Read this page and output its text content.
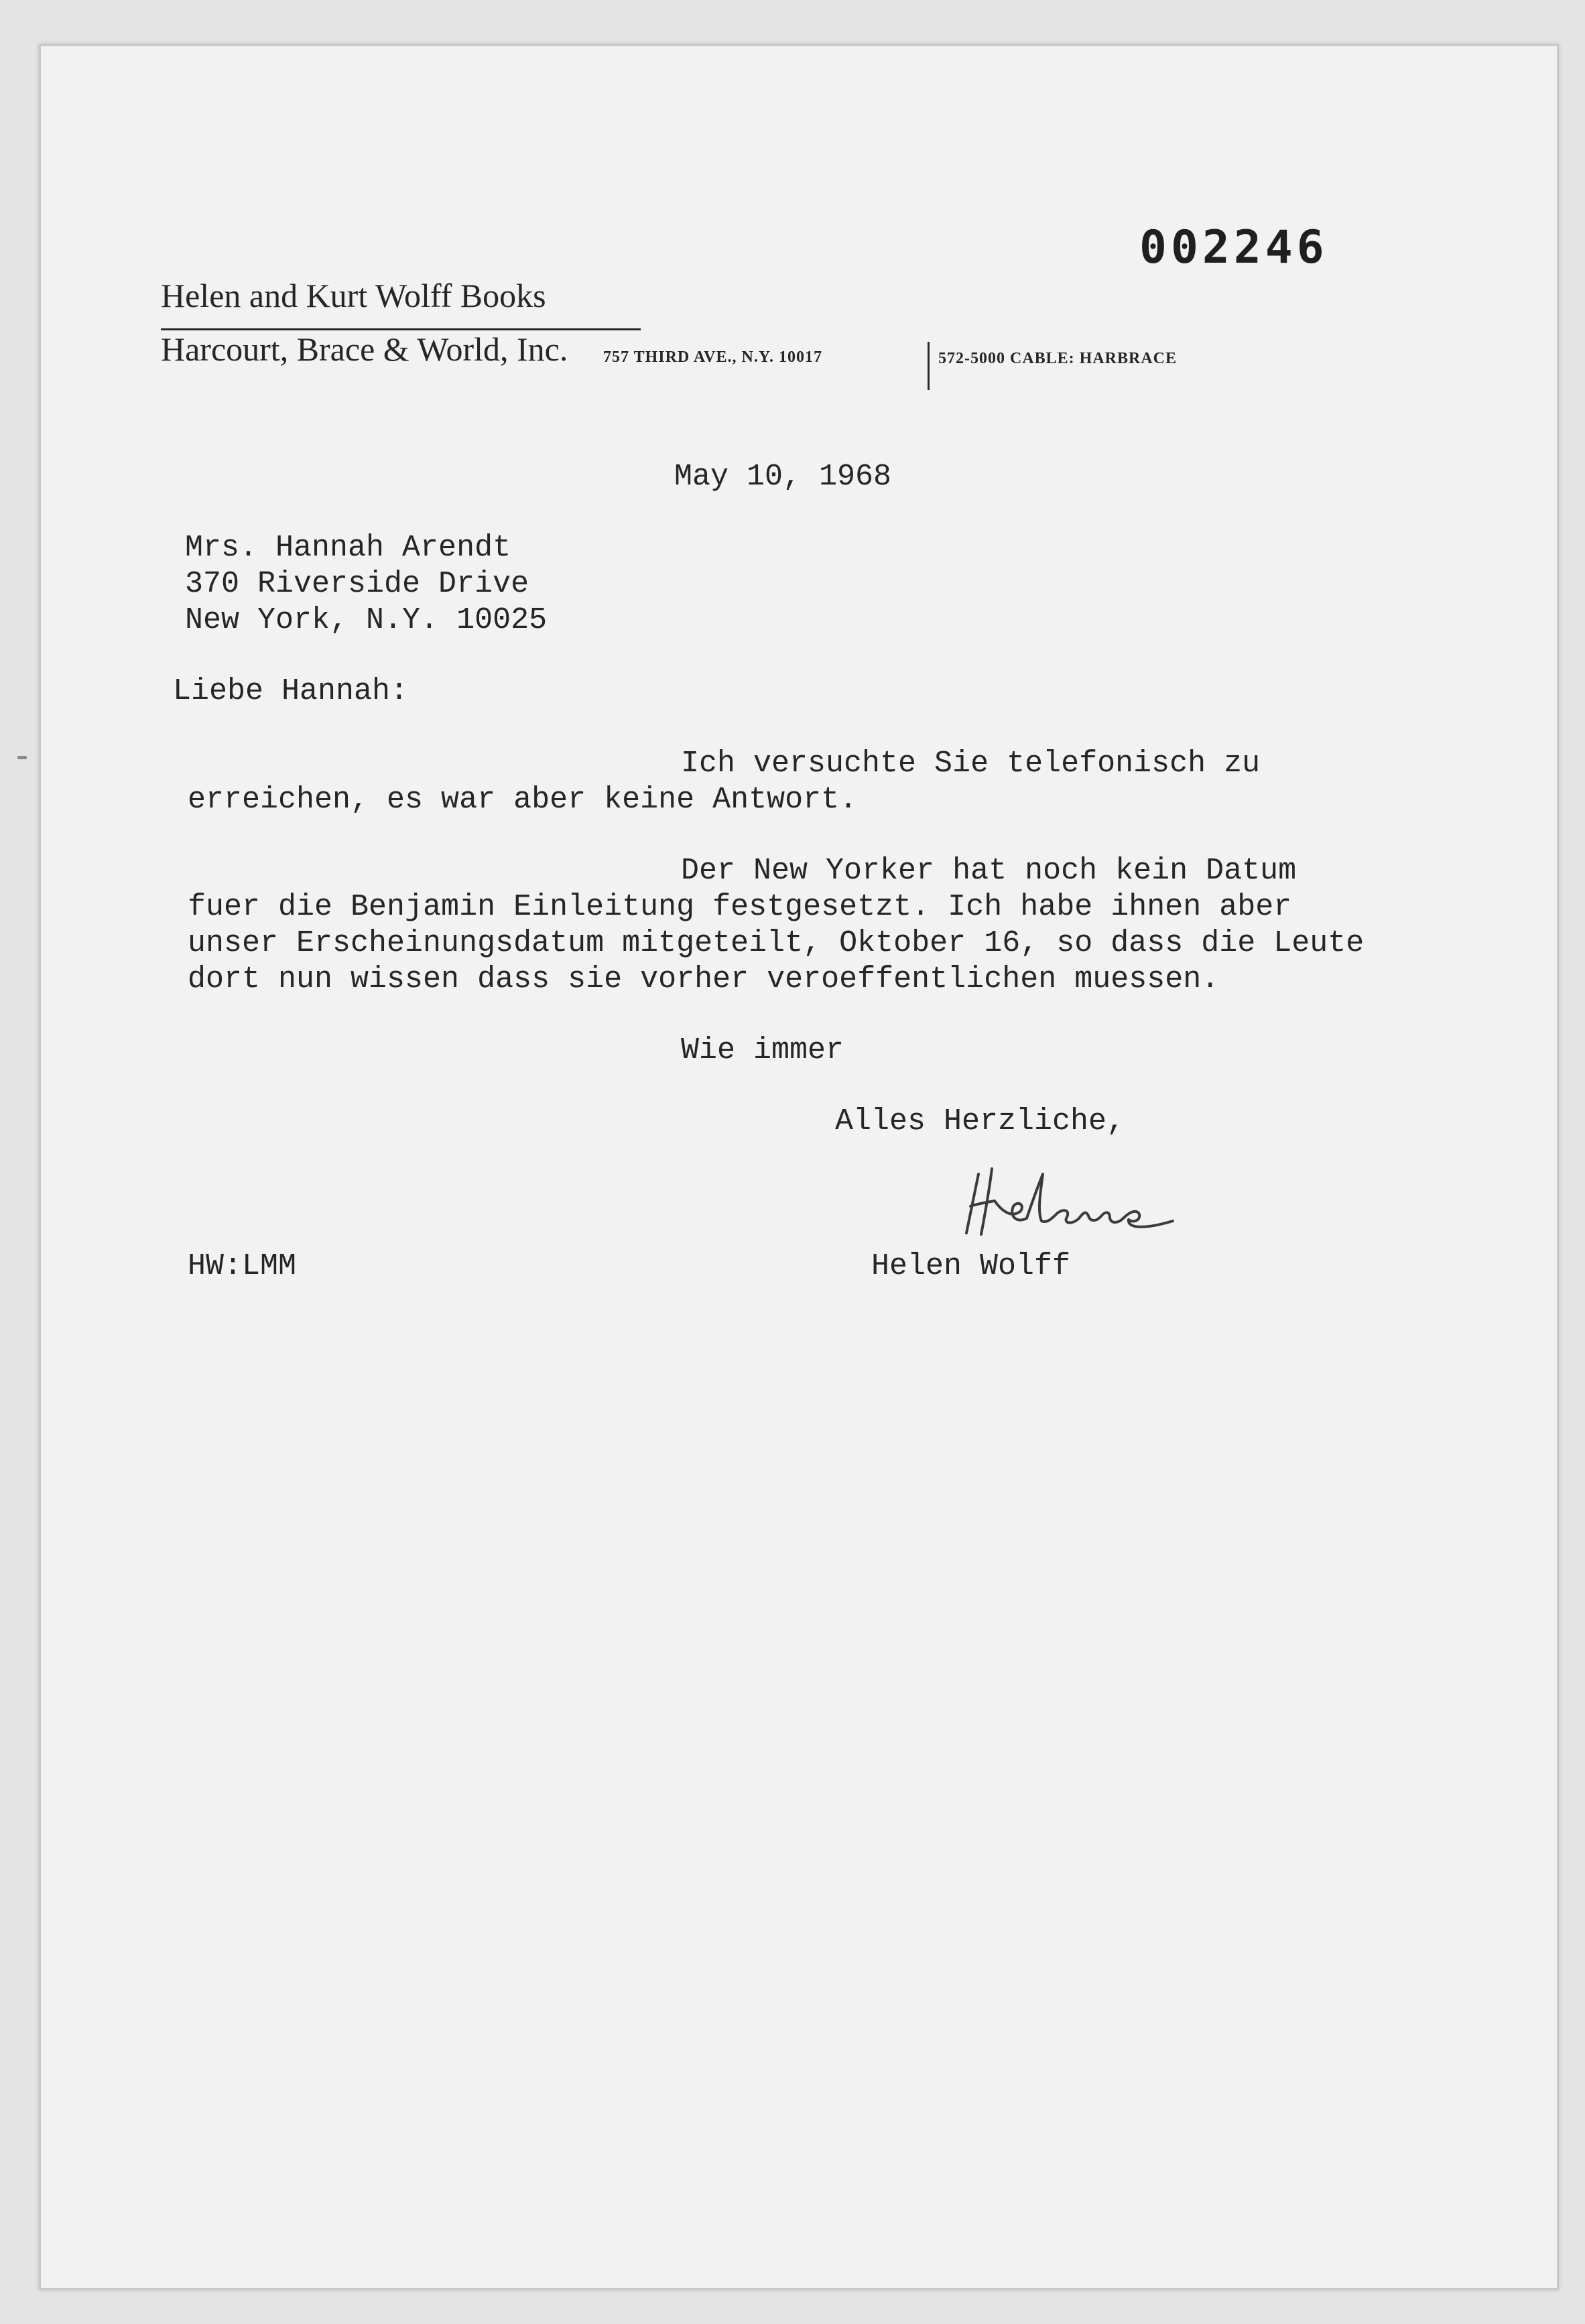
002246
Helen and Kurt Wolff Books
Harcourt, Brace & World, Inc. 757 THIRD AVE., N.Y. 10017	572-5000 CABLE: HARBRACE
May 10, 1968
Mrs. Hannah Arendt
370 Riverside Drive
New York, N.Y. 10025
Liebe Hannah:
Ich versuchte Sie telefonisch zu
erreichen, es war aber keine Antwort.
Der New Yorker hat noch kein Datum
fuer die Benjamin Einleitung festgesetzt. Ich habe ihnen aber
unser Erscheinungsdatum mitgeteilt, Oktober 16, so dass die Leute
dort nun wissen dass sie vorher veroeffentlichen muessen.
Wie immer
Alles Herzliche,
HW:LMM	Helen Wolff
